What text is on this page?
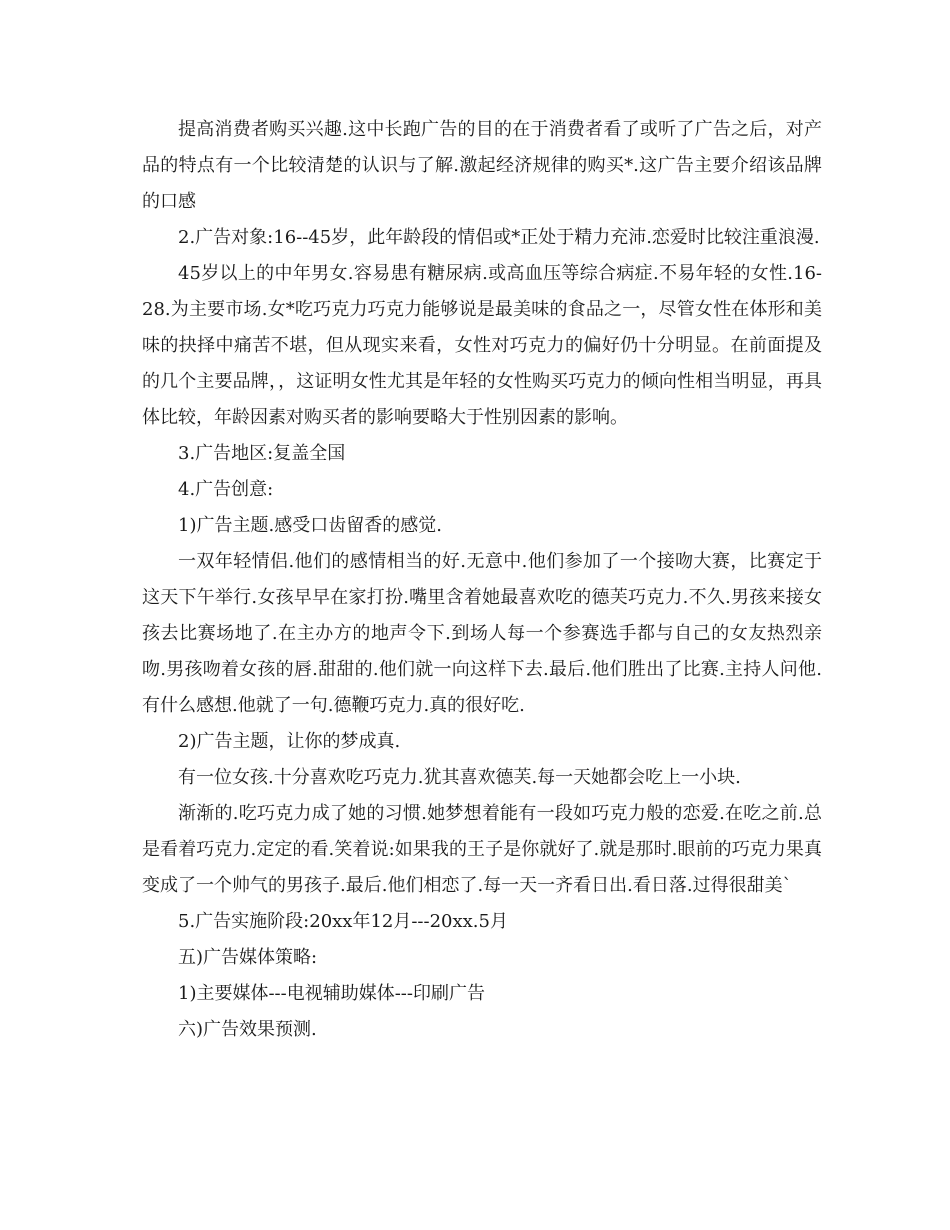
提高消费者购买兴趣.这中长跑广告的目的在于消费者看了或听了广告之后，对产品的特点有一个比较清楚的认识与了解.激起经济规律的购买*.这广告主要介绍该品牌的口感

2.广告对象:16--45岁，此年龄段的情侣或*正处于精力充沛.恋爱时比较注重浪漫.

45岁以上的中年男女.容易患有糖尿病.或高血压等综合病症.不易年轻的女性.16-28.为主要市场.女*吃巧克力巧克力能够说是最美味的食品之一，尽管女性在体形和美味的抉择中痛苦不堪，但从现实来看，女性对巧克力的偏好仍十分明显。在前面提及的几个主要品牌，，这证明女性尤其是年轻的女性购买巧克力的倾向性相当明显，再具体比较，年龄因素对购买者的影响要略大于性别因素的影响。

3.广告地区:复盖全国

4.广告创意:

1)广告主题.感受口齿留香的感觉.

一双年轻情侣.他们的感情相当的好.无意中.他们参加了一个接吻大赛，比赛定于这天下午举行.女孩早早在家打扮.嘴里含着她最喜欢吃的德芙巧克力.不久.男孩来接女孩去比赛场地了.在主办方的地声令下.到场人每一个参赛选手都与自己的女友热烈亲吻.男孩吻着女孩的唇.甜甜的.他们就一向这样下去.最后.他们胜出了比赛.主持人问他.有什么感想.他就了一句.德鞭巧克力.真的很好吃.

2)广告主题，让你的梦成真.

有一位女孩.十分喜欢吃巧克力.犹其喜欢德芙.每一天她都会吃上一小块.

渐渐的.吃巧克力成了她的习惯.她梦想着能有一段如巧克力般的恋爱.在吃之前.总是看着巧克力.定定的看.笑着说:如果我的王子是你就好了.就是那时.眼前的巧克力果真变成了一个帅气的男孩子.最后.他们相恋了.每一天一齐看日出.看日落.过得很甜美`

5.广告实施阶段:20xx年12月---20xx.5月

五)广告媒体策略:

1)主要媒体---电视辅助媒体---印刷广告

六)广告效果预测.
